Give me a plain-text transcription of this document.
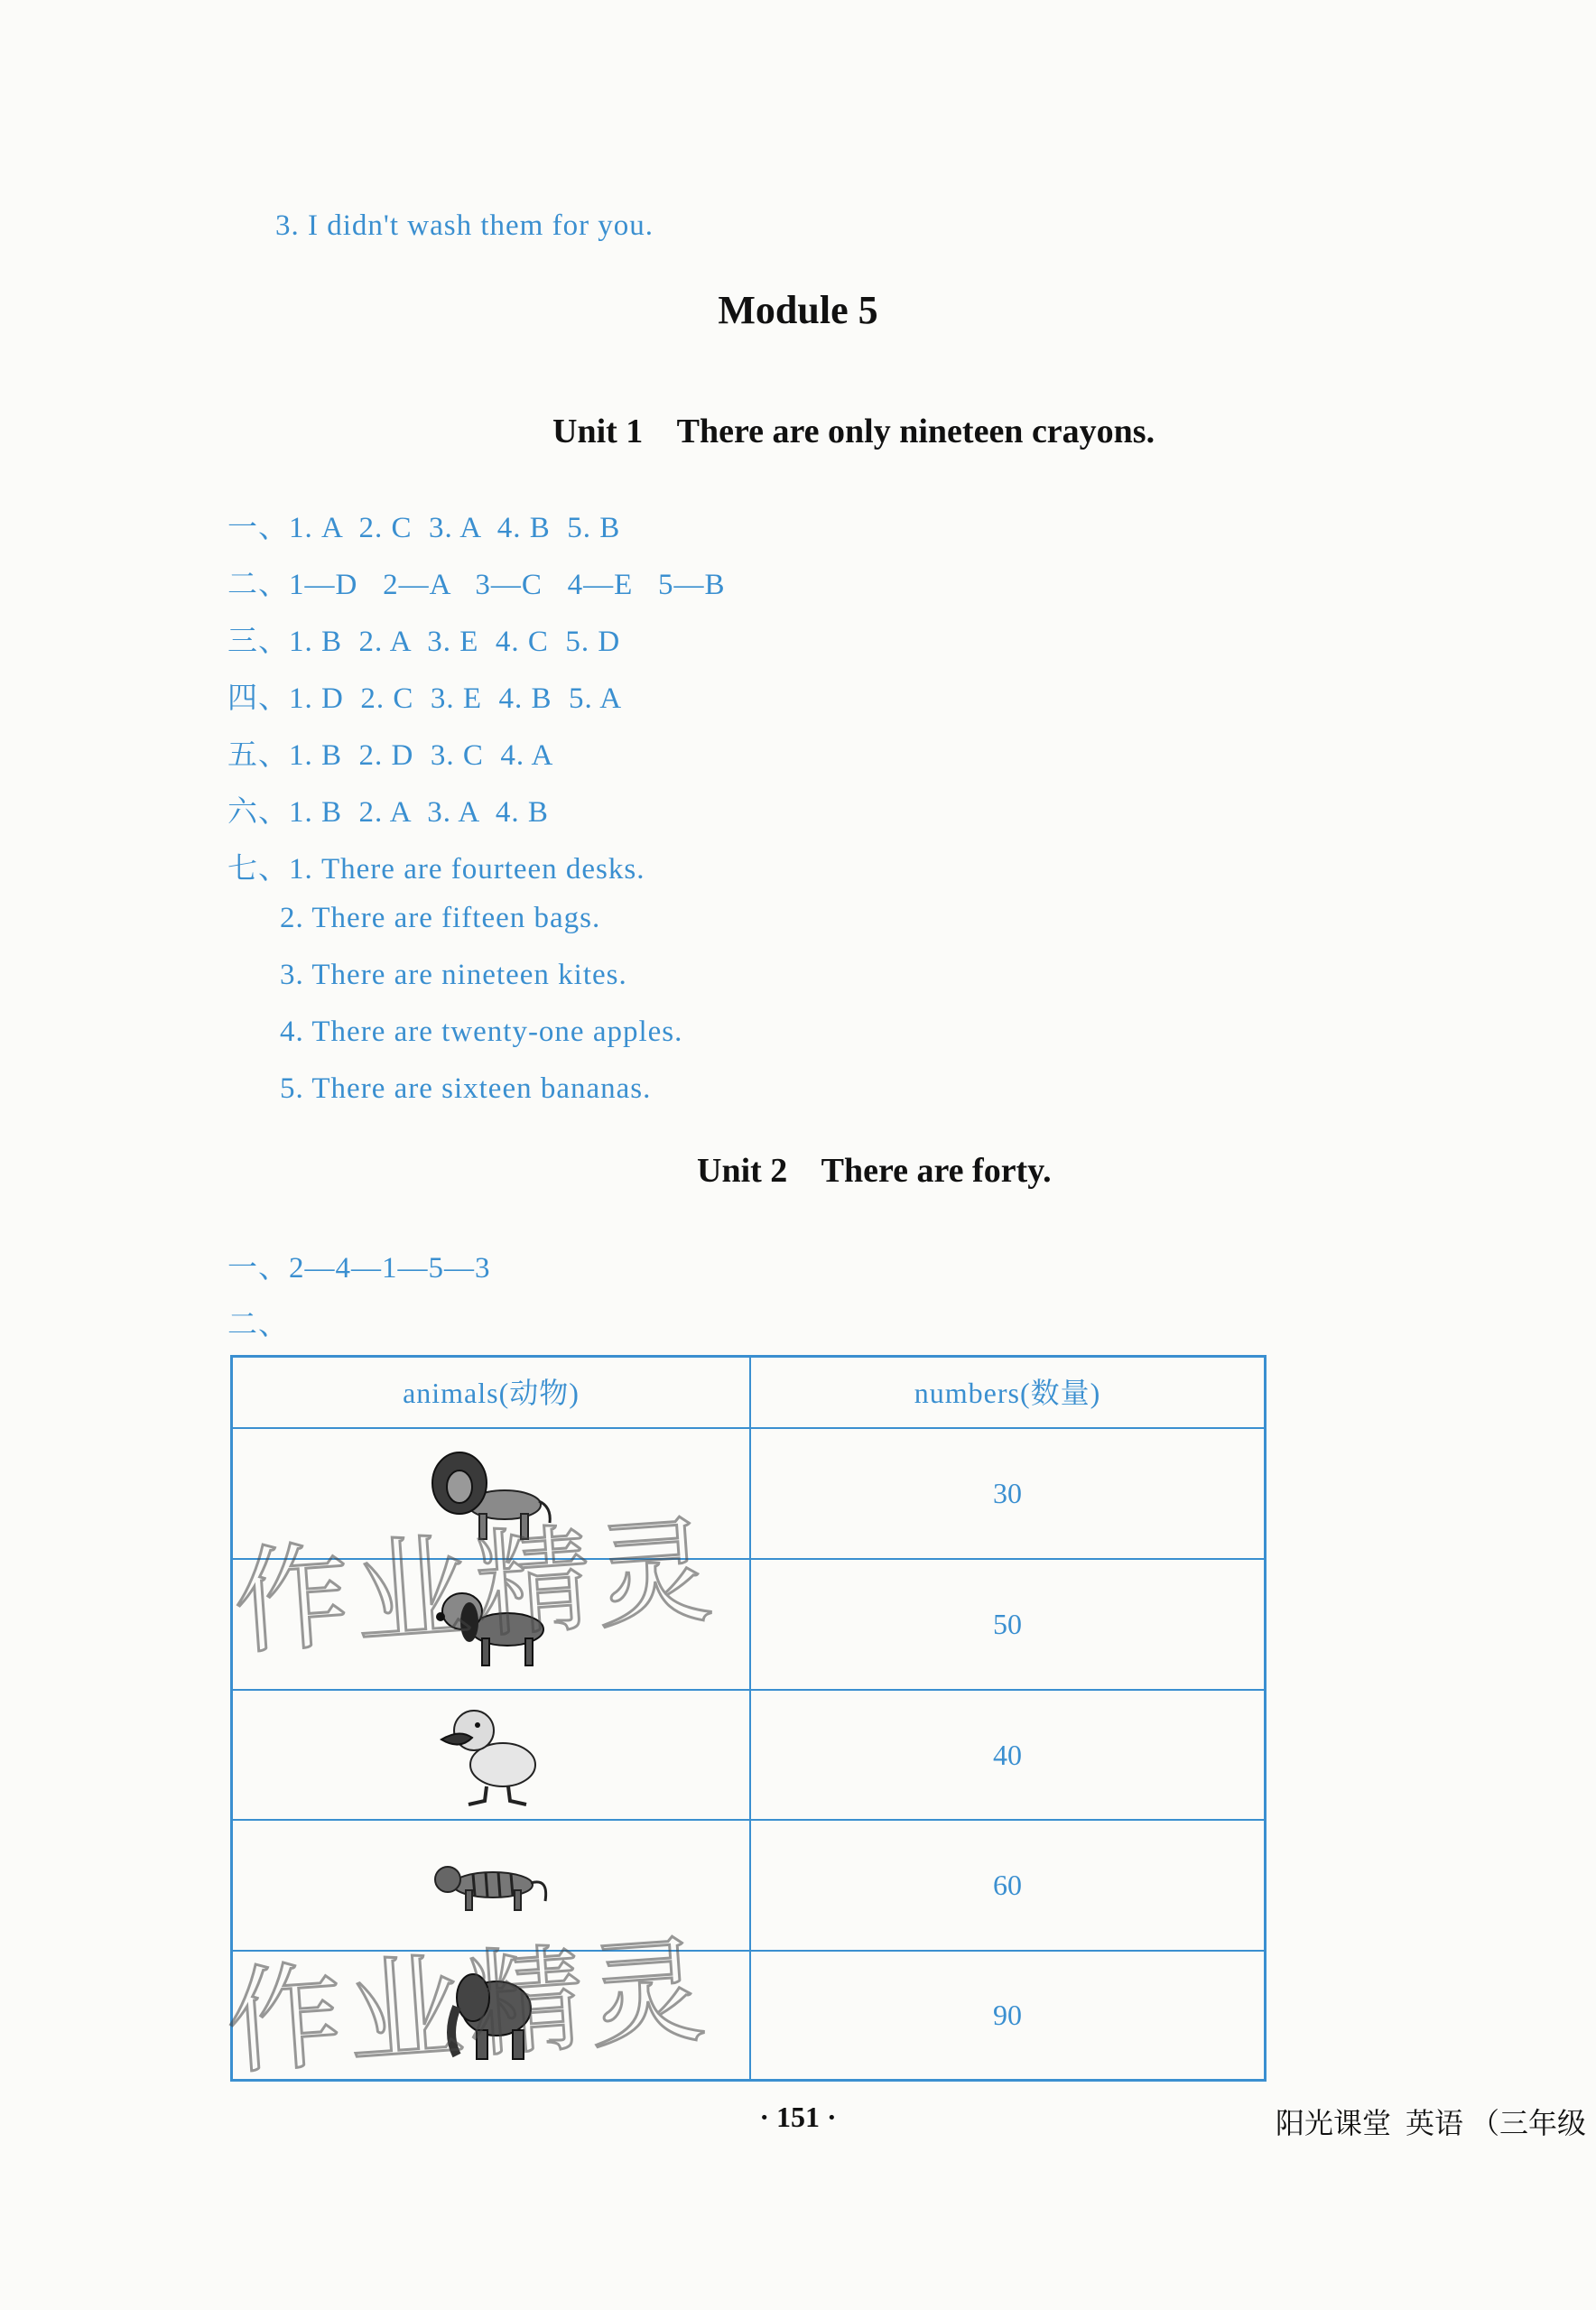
3. I didn't wash them for you.
Module 5
Unit 1    There are only nineteen crayons.
一、1. A  2. C  3. A  4. B  5. B
二、1—D   2—A   3—C   4—E   5—B
三、1. B  2. A  3. E  4. C  5. D
四、1. D  2. C  3. E  4. B  5. A
五、1. B  2. D  3. C  4. A
六、1. B  2. A  3. A  4. B
七、1. There are fourteen desks.
2. There are fifteen bags.
3. There are nineteen kites.
4. There are twenty-one apples.
5. There are sixteen bananas.
Unit 2    There are forty.
一、2—4—1—5—3
二、
animals(动物)	numbers(数量)
30
50
40
60
90
作业精灵
作业精灵
· 151 ·	阳光课堂  英语 （三年级
